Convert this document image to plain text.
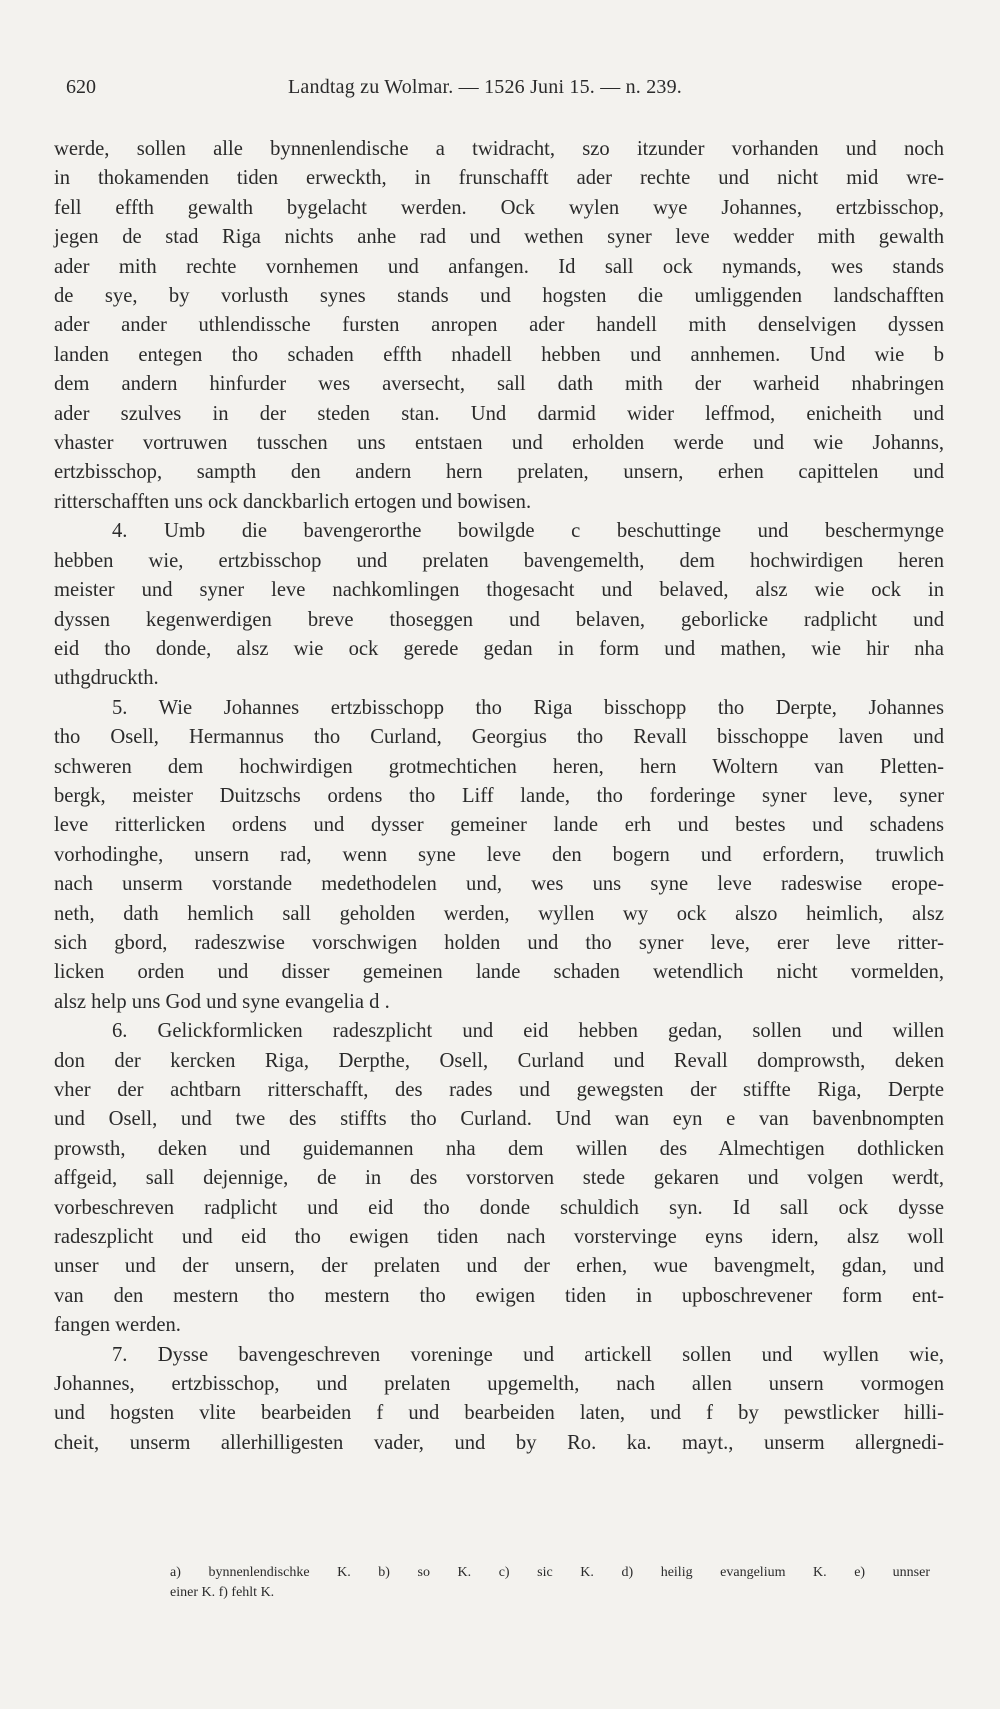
620	Landtag zu Wolmar. — 1526 Juni 15. — n. 239.
werde, sollen alle bynnenlendische a twidracht, szo itzunder vorhanden und noch
in thokamenden tiden erweckth, in frunschafft ader rechte und nicht mid wre-
fell effth gewalth bygelacht werden. Ock wylen wye Johannes, ertzbisschop,
jegen de stad Riga nichts anhe rad und wethen syner leve wedder mith gewalth
ader mith rechte vornhemen und anfangen. Id sall ock nymands, wes stands
de sye, by vorlusth synes stands und hogsten die umliggenden landschafften
ader ander uthlendissche fursten anropen ader handell mith denselvigen dyssen
landen entegen tho schaden effth nhadell hebben und annhemen. Und wie b
dem andern hinfurder wes aversecht, sall dath mith der warheid nhabringen
ader szulves in der steden stan. Und darmid wider leffmod, enicheith und
vhaster vortruwen tusschen uns entstaen und erholden werde und wie Johanns,
ertzbisschop, sampth den andern hern prelaten, unsern, erhen capittelen und
ritterschafften uns ock danckbarlich ertogen und bowisen.
4. Umb die bavengerorthe bowilgde c beschuttinge und beschermynge
hebben wie, ertzbisschop und prelaten bavengemelth, dem hochwirdigen heren
meister und syner leve nachkomlingen thogesacht und belaved, alsz wie ock in
dyssen kegenwerdigen breve thoseggen und belaven, geborlicke radplicht und
eid tho donde, alsz wie ock gerede gedan in form und mathen, wie hir nha
uthgdruckth.
5. Wie Johannes ertzbisschopp tho Riga bisschopp tho Derpte, Johannes
tho Osell, Hermannus tho Curland, Georgius tho Revall bisschoppe laven und
schweren dem hochwirdigen grotmechtichen heren, hern Woltern van Pletten-
bergk, meister Duitzschs ordens tho Liff lande, tho forderinge syner leve, syner
leve ritterlicken ordens und dysser gemeiner lande erh und bestes und schadens
vorhodinghe, unsern rad, wenn syne leve den bogern und erfordern, truwlich
nach unserm vorstande medethodelen und, wes uns syne leve radeswise erope-
neth, dath hemlich sall geholden werden, wyllen wy ock alszo heimlich, alsz
sich gbord, radeszwise vorschwigen holden und tho syner leve, erer leve ritter-
licken orden und disser gemeinen lande schaden wetendlich nicht vormelden,
alsz help uns God und syne evangelia d .
6. Gelickformlicken radeszplicht und eid hebben gedan, sollen und willen
don der kercken Riga, Derpthe, Osell, Curland und Revall domprowsth, deken
vher der achtbarn ritterschafft, des rades und gewegsten der stiffte Riga, Derpte
und Osell, und twe des stiffts tho Curland. Und wan eyn e van bavenbnompten
prowsth, deken und guidemannen nha dem willen des Almechtigen dothlicken
affgeid, sall dejennige, de in des vorstorven stede gekaren und volgen werdt,
vorbeschreven radplicht und eid tho donde schuldich syn. Id sall ock dysse
radeszplicht und eid tho ewigen tiden nach vorstervinge eyns idern, alsz woll
unser und der unsern, der prelaten und der erhen, wue bavengmelt, gdan, und
van den mestern tho mestern tho ewigen tiden in upboschrevener form ent-
fangen werden.
7. Dysse bavengeschreven voreninge und artickell sollen und wyllen wie,
Johannes, ertzbisschop, und prelaten upgemelth, nach allen unsern vormogen
und hogsten vlite bearbeiden f und bearbeiden laten, und f by pewstlicker hilli-
cheit, unserm allerhilligesten vader, und by Ro. ka. mayt., unserm allergnedi-
a) bynnenlendischke K. b) so K. c) sic K. d) heilig evangelium K. e) unnser
einer K. f) fehlt K.
